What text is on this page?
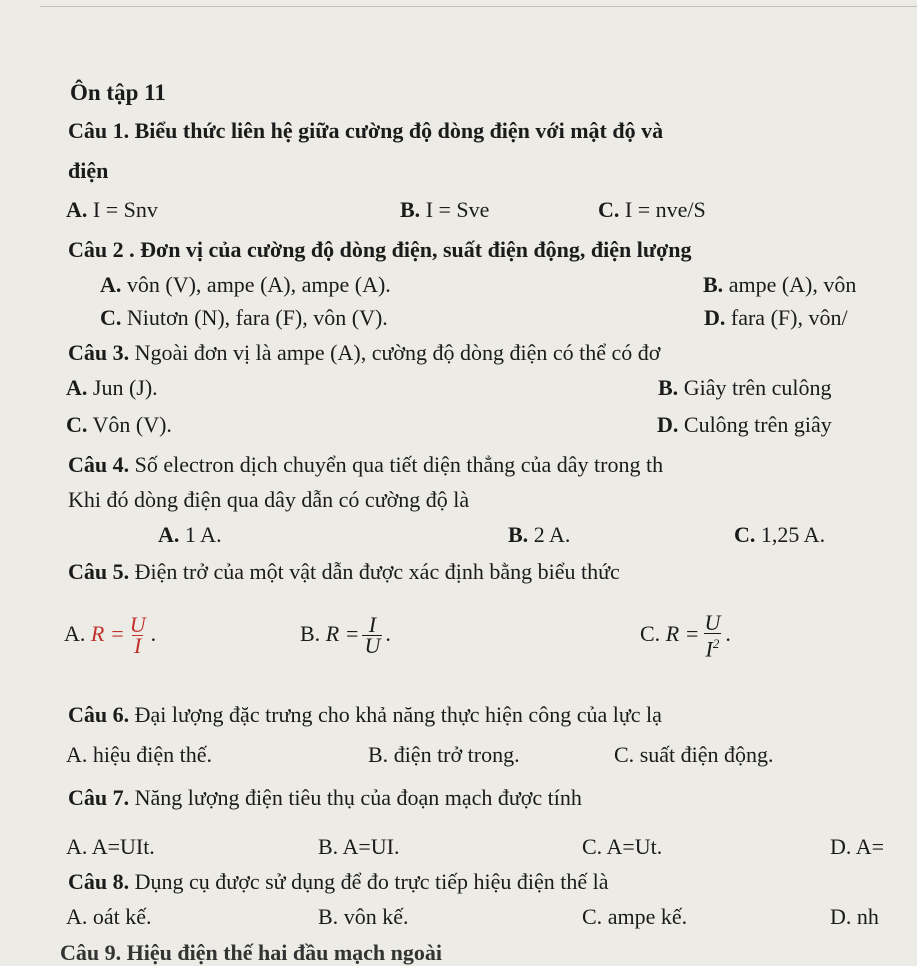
Ôn tập 11
Câu 1. Biểu thức liên hệ giữa cường độ dòng điện với mật độ và
điện
A. I = Snv	B. I = Sve	C. I = nve/S
Câu 2 . Đơn vị của cường độ dòng điện, suất điện động, điện lượng
A. vôn (V), ampe (A), ampe (A).	B. ampe (A), vôn
C. Niutơn (N), fara (F), vôn (V).	D. fara (F), vôn/
Câu 3. Ngoài đơn vị là ampe (A), cường độ dòng điện có thể có đơ
A. Jun (J).	B. Giây trên culông
C. Vôn (V).	D. Culông trên giây
Câu 4. Số electron dịch chuyển qua tiết diện thẳng của dây trong th
Khi đó dòng điện qua dây dẫn có cường độ là
A. 1 A.	B. 2 A.	C. 1,25 A.
Câu 5. Điện trở của một vật dẫn được xác định bằng biểu thức
A. $R = \frac{U}{I}$ .	B. $R = \frac{I}{U}$ .	C. $R = \frac{U}{I^2}$ .
Câu 6. Đại lượng đặc trưng cho khả năng thực hiện công của lực lạ
A. hiệu điện thế.	B. điện trở trong.	C. suất điện động.
Câu 7. Năng lượng điện tiêu thụ của đoạn mạch được tính
A. A=UIt.	B. A=UI.	C. A=Ut.	D. A=
Câu 8. Dụng cụ được sử dụng để đo trực tiếp hiệu điện thế là
A. oát kế.	B. vôn kế.	C. ampe kế.	D. nh
Câu 9. Hiệu điện thế hai đầu mạch ngoài
